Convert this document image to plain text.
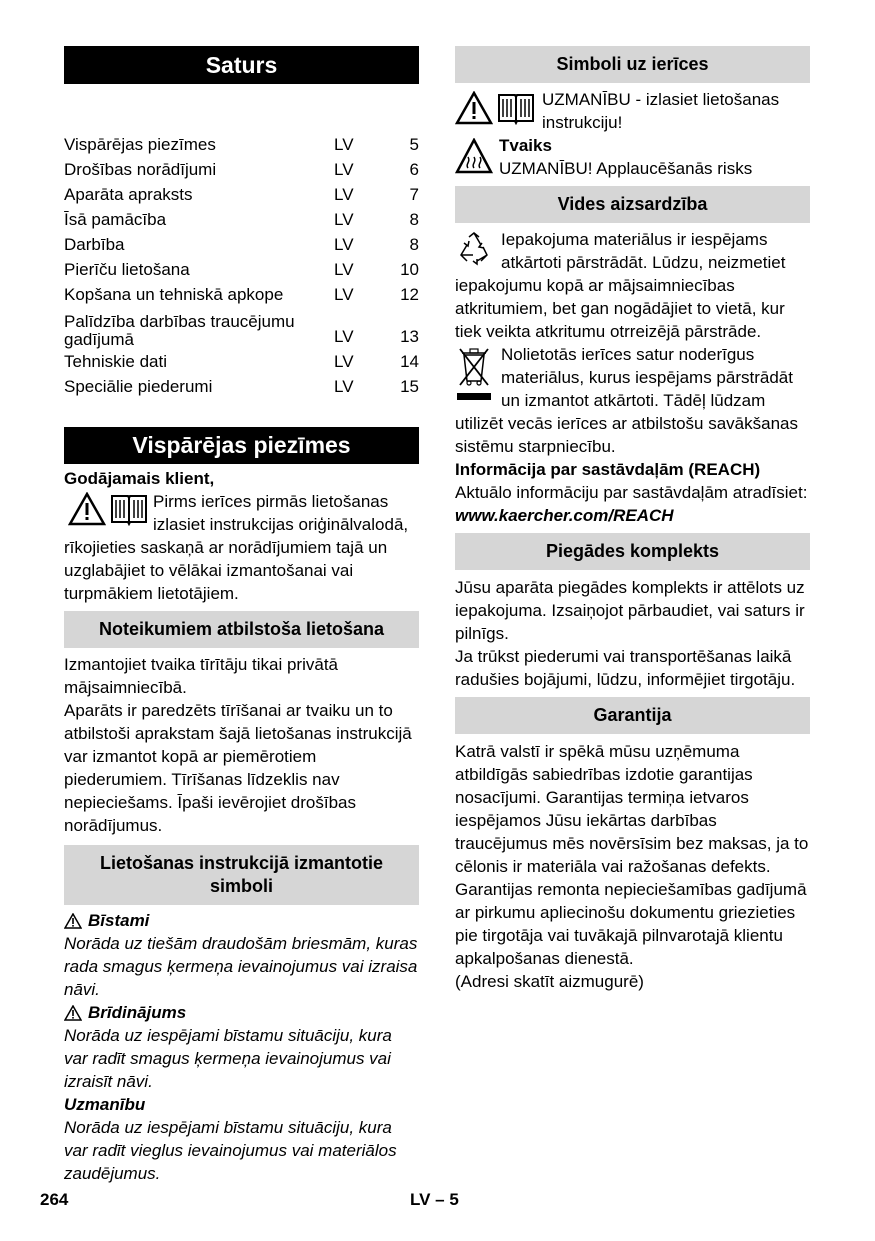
Saturs
Vispārējas piezīmes	LV	5
Drošības norādījumi	LV	6
Aparāta apraksts	LV	7
Īsā pamācība	LV	8
Darbība	LV	8
Pierīču lietošana	LV	10
Kopšana un tehniskā apkope	LV	12
Palīdzība darbības traucējumu gadījumā	LV	13
Tehniskie dati	LV	14
Speciālie piederumi	LV	15
Vispārējas piezīmes

Godājamais klient,

Pirms ierīces pirmās lietošanas izlasiet instrukcijas oriģinālvalodā, rīkojieties saskaņā ar norādījumiem tajā un uzglabājiet to vēlākai izmantošanai vai turpmākiem lietotājiem.

Noteikumiem atbilstoša lietošana

Izmantojiet tvaika tīrītāju tikai privātā mājsaimniecībā.

Aparāts ir paredzēts tīrīšanai ar tvaiku un to atbilstoši aprakstam šajā lietošanas instrukcijā var izmantot kopā ar piemērotiem piederumiem. Tīrīšanas līdzeklis nav nepieciešams. Īpaši ievērojiet drošības norādījumus.

Lietošanas instrukcijā izmantotie simboli

Bīstami

Norāda uz tiešām draudošām briesmām, kuras rada smagus ķermeņa ievainojumus vai izraisa nāvi.

Brīdinājums

Norāda uz iespējami bīstamu situāciju, kura var radīt smagus ķermeņa ievainojumus vai izraisīt nāvi.

Uzmanību

Norāda uz iespējami bīstamu situāciju, kura var radīt vieglus ievainojumus vai materiālos zaudējumus.

Simboli uz ierīces

UZMANĪBU - izlasiet lietošanas instrukciju!

Tvaiks

UZMANĪBU! Applaucēšanās risks

Vides aizsardzība

Iepakojuma materiālus ir iespējams atkārtoti pārstrādāt. Lūdzu, neizmetiet iepakojumu kopā ar mājsaimniecības atkritumiem, bet gan nogādājiet to vietā, kur tiek veikta atkritumu otrreizējā pārstrāde.

Nolietotās ierīces satur noderīgus materiālus, kurus iespējams pārstrādāt un izmantot atkārtoti. Tādēļ lūdzam utilizēt vecās ierīces ar atbilstošu savākšanas sistēmu starpniecību.

Informācija par sastāvdaļām (REACH)

Aktuālo informāciju par sastāvdaļām atradīsiet:

www.kaercher.com/REACH

Piegādes komplekts

Jūsu aparāta piegādes komplekts ir attēlots uz iepakojuma. Izsaiņojot pārbaudiet, vai saturs ir pilnīgs.

Ja trūkst piederumi vai transportēšanas laikā radušies bojājumi, lūdzu, informējiet tirgotāju.

Garantija

Katrā valstī ir spēkā mūsu uzņēmuma atbildīgās sabiedrības izdotie garantijas nosacījumi. Garantijas termiņa ietvaros iespējamos Jūsu iekārtas darbības traucējumus mēs novērsīsim bez maksas, ja to cēlonis ir materiāla vai ražošanas defekts. Garantijas remonta nepieciešamības gadījumā ar pirkumu apliecinošu dokumentu griezieties pie tirgotāja vai tuvākajā pilnvarotajā klientu apkalpošanas dienestā.

(Adresi skatīt aizmugurē)

264	LV – 5
